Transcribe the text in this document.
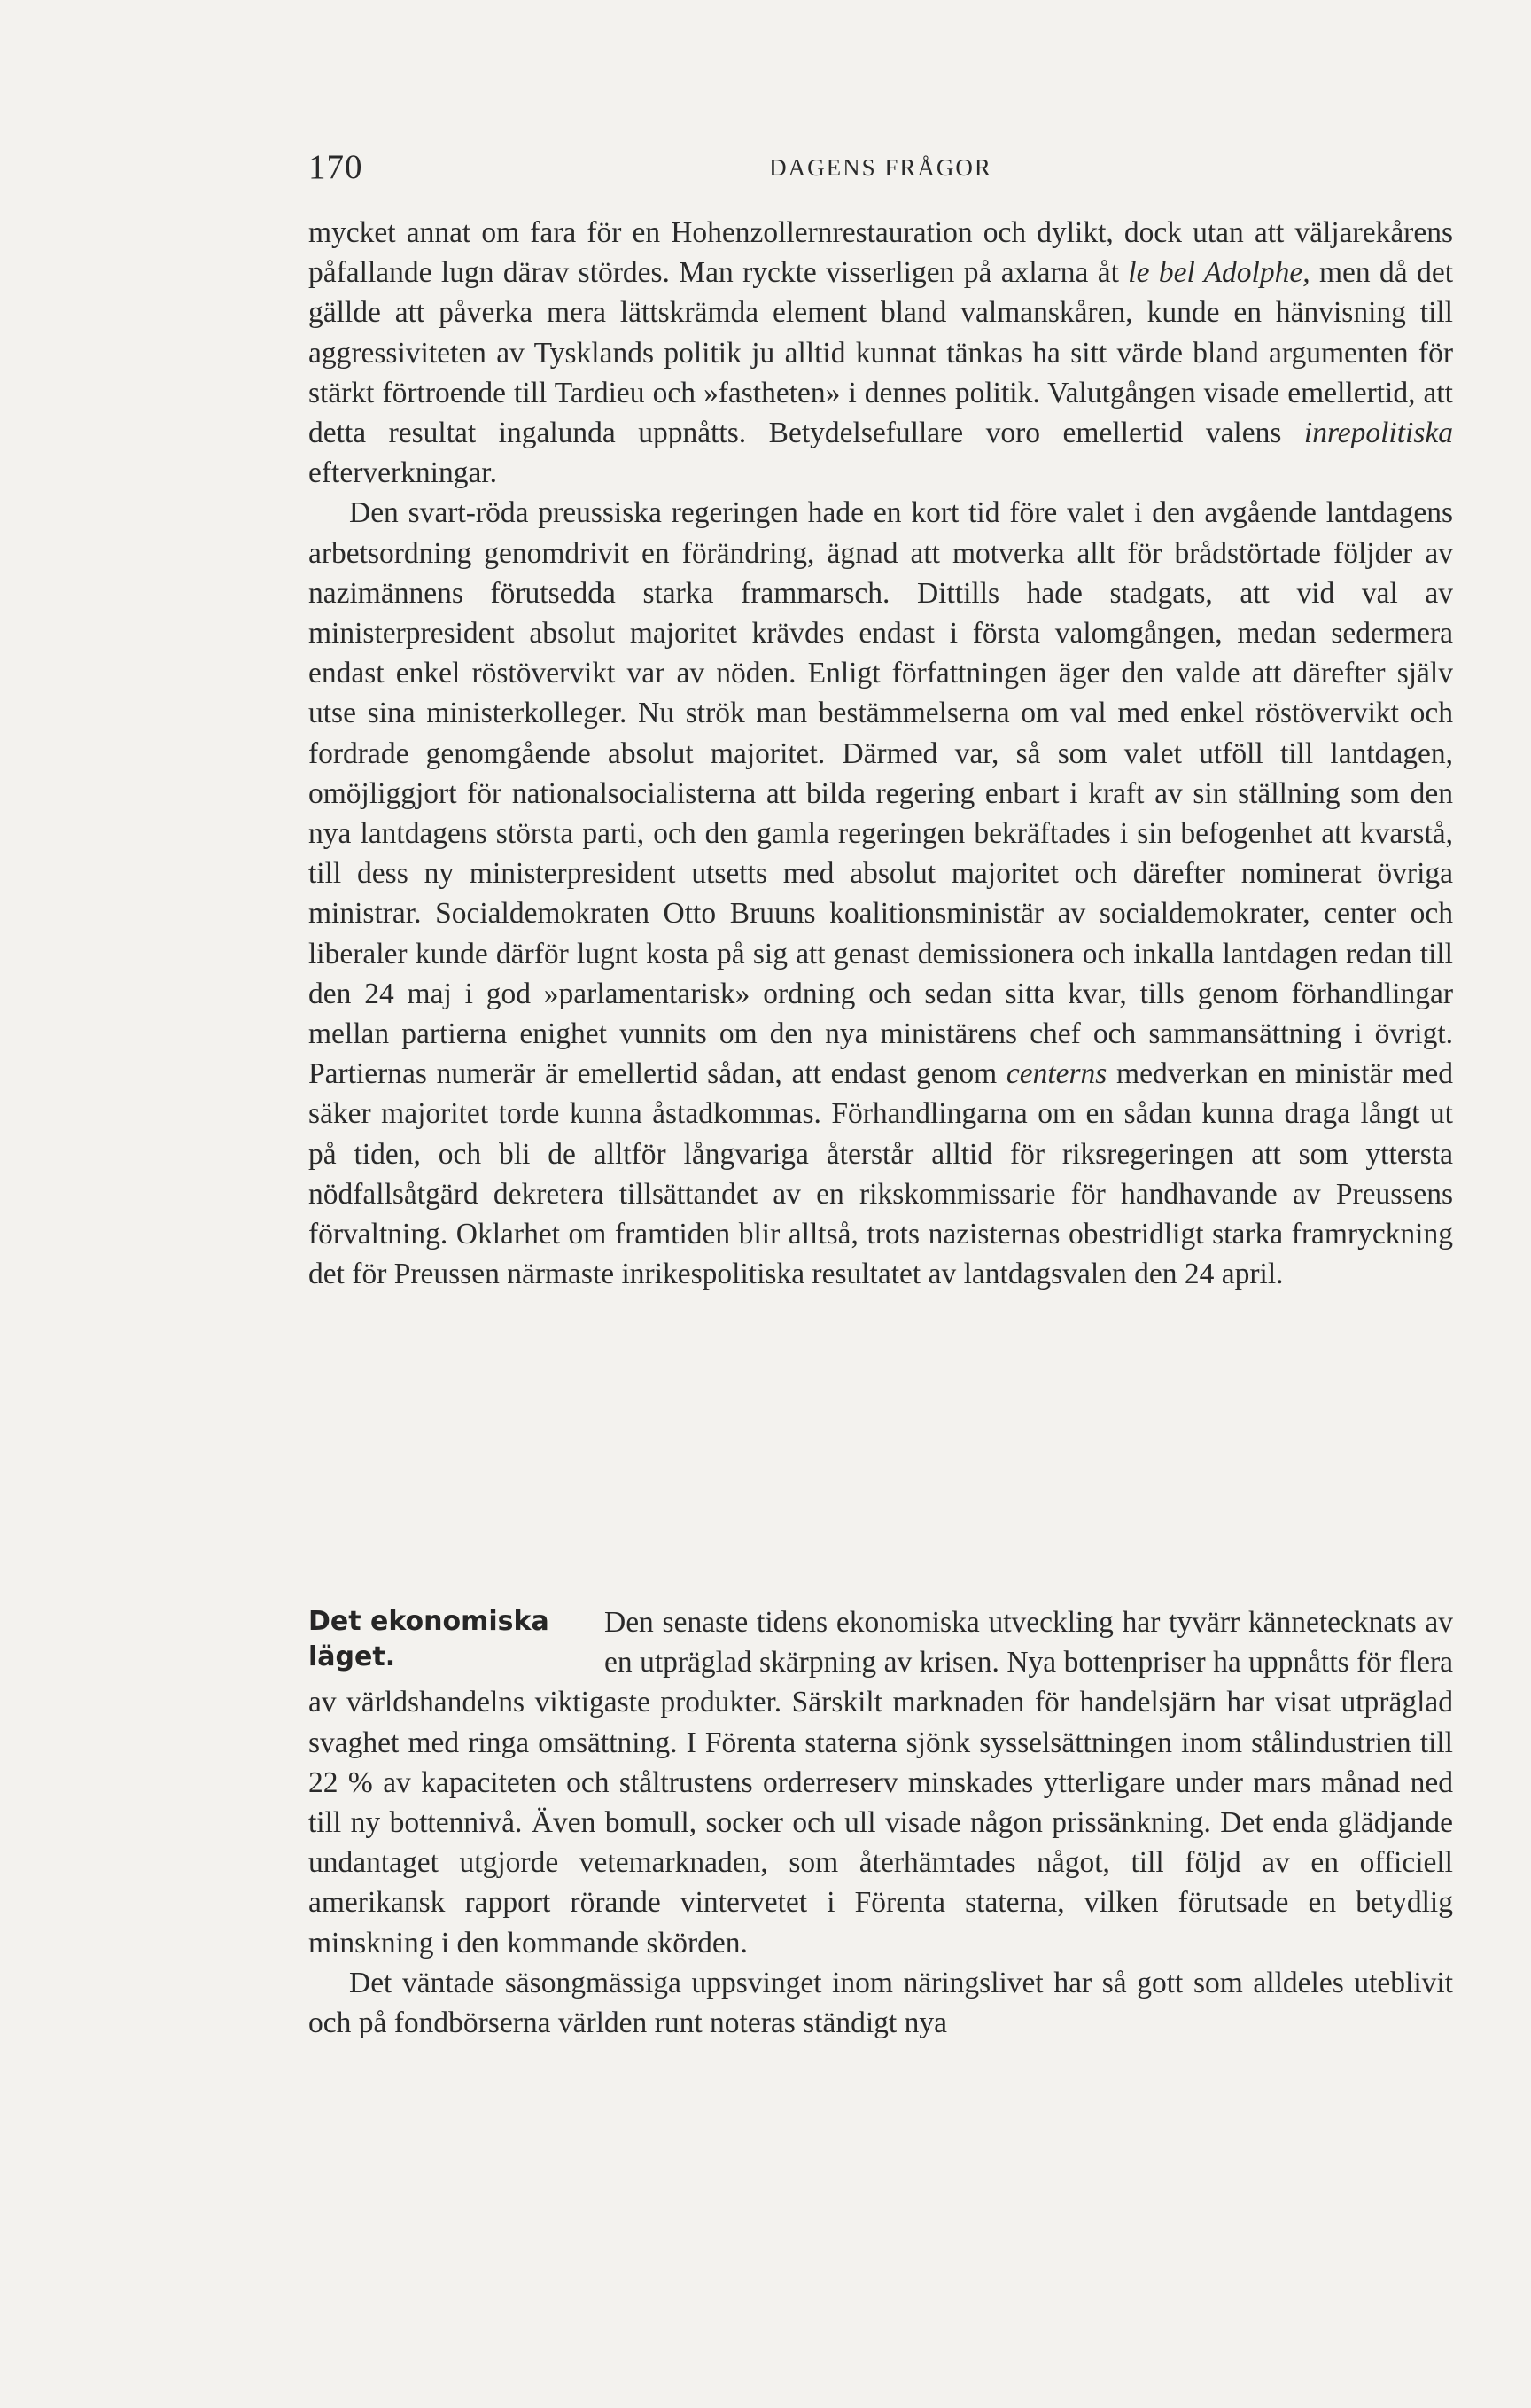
170	DAGENS FRÅGOR

mycket annat om fara för en Hohenzollernrestauration och dylikt, dock utan att väljarekårens påfallande lugn därav stördes. Man ryckte visserligen på axlarna åt le bel Adolphe, men då det gällde att påverka mera lättskrämda element bland valmanskåren, kunde en hänvisning till aggressiviteten av Tysklands politik ju alltid kunnat tänkas ha sitt värde bland argumenten för stärkt förtroende till Tardieu och »fastheten» i dennes politik. Valutgången visade emellertid, att detta resultat ingalunda uppnåtts. Betydelsefullare voro emellertid valens inrepolitiska efterverkningar.

Den svart-röda preussiska regeringen hade en kort tid före valet i den avgående lantdagens arbetsordning genomdrivit en förändring, ägnad att motverka allt för brådstörtade följder av nazimännens förutsedda starka frammarsch. Dittills hade stadgats, att vid val av ministerpresident absolut majoritet krävdes endast i första valomgången, medan sedermera endast enkel röstövervikt var av nöden. Enligt författningen äger den valde att därefter själv utse sina ministerkolleger. Nu strök man bestämmelserna om val med enkel röstövervikt och fordrade genomgående absolut majoritet. Därmed var, så som valet utföll till lantdagen, omöjliggjort för nationalsocialisterna att bilda regering enbart i kraft av sin ställning som den nya lantdagens största parti, och den gamla regeringen bekräftades i sin befogenhet att kvarstå, till dess ny ministerpresident utsetts med absolut majoritet och därefter nominerat övriga ministrar. Socialdemokraten Otto Bruuns koalitionsministär av socialdemokrater, center och liberaler kunde därför lugnt kosta på sig att genast demissionera och inkalla lantdagen redan till den 24 maj i god »parlamentarisk» ordning och sedan sitta kvar, tills genom förhandlingar mellan partierna enighet vunnits om den nya ministärens chef och sammansättning i övrigt. Partiernas numerär är emellertid sådan, att endast genom centerns medverkan en ministär med säker majoritet torde kunna åstadkommas. Förhandlingarna om en sådan kunna draga långt ut på tiden, och bli de alltför långvariga återstår alltid för riksregeringen att som yttersta nödfallsåtgärd dekretera tillsättandet av en rikskommissarie för handhavande av Preussens förvaltning. Oklarhet om framtiden blir alltså, trots nazisternas obestridligt starka framryckning det för Preussen närmaste inrikespolitiska resultatet av lantdagsvalen den 24 april.

Det ekonomiska läget.

Den senaste tidens ekonomiska utveckling har tyvärr kännetecknats av en utpräglad skärpning av krisen. Nya bottenpriser ha uppnåtts för flera av världshandelns viktigaste produkter. Särskilt marknaden för handelsjärn har visat utpräglad svaghet med ringa omsättning. I Förenta staterna sjönk sysselsättningen inom stålindustrien till 22 % av kapaciteten och ståltrustens orderreserv minskades ytterligare under mars månad ned till ny bottennivå. Även bomull, socker och ull visade någon prissänkning. Det enda glädjande undantaget utgjorde vetemarknaden, som återhämtades något, till följd av en officiell amerikansk rapport rörande vintervetet i Förenta staterna, vilken förutsade en betydlig minskning i den kommande skörden.

Det väntade säsongmässiga uppsvinget inom näringslivet har så gott som alldeles uteblivit och på fondbörserna världen runt noteras ständigt nya
